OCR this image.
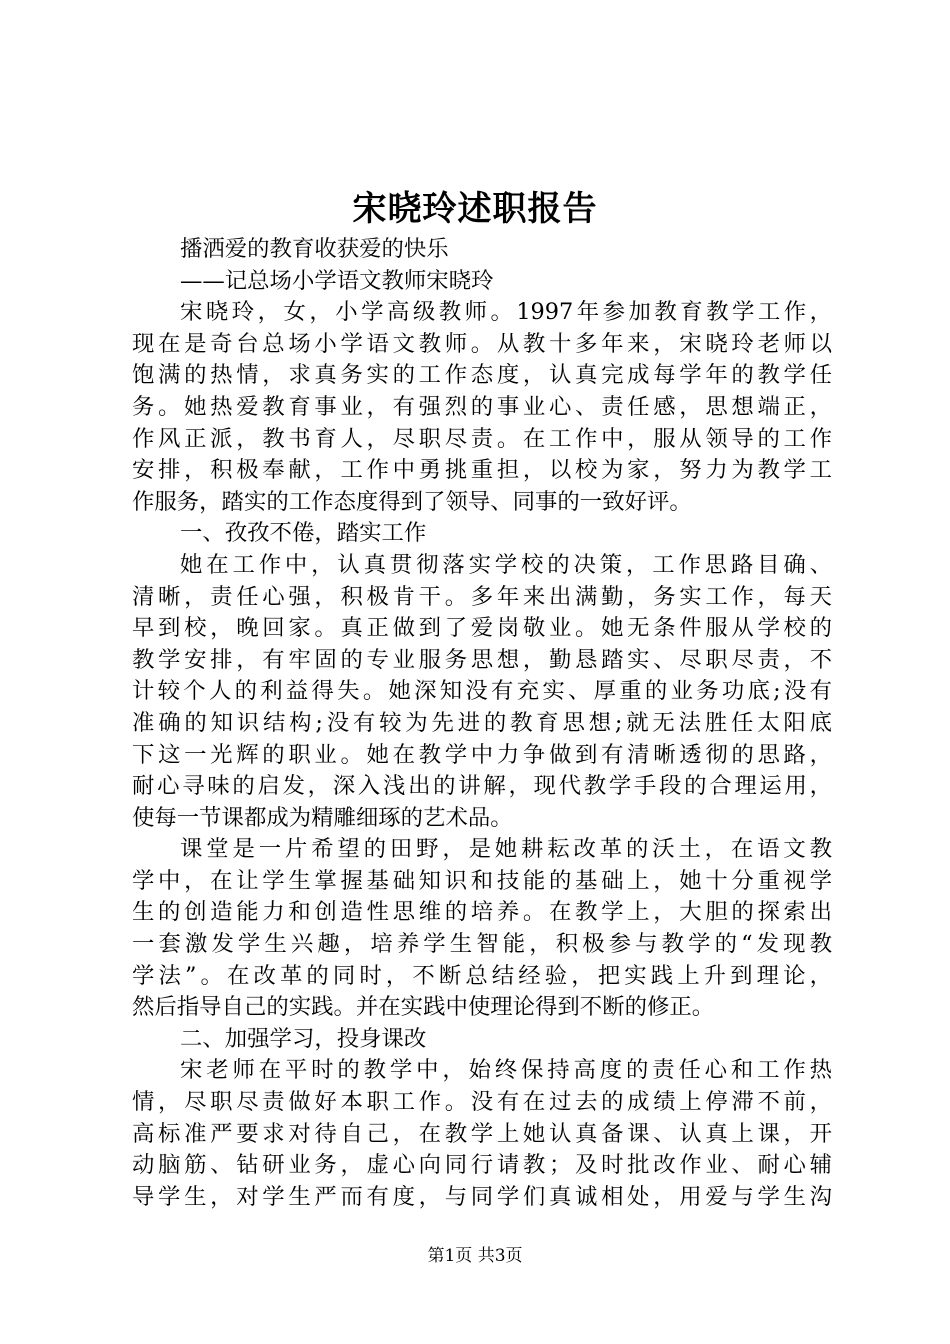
宋晓玲述职报告
播洒爱的教育收获爱的快乐
——记总场小学语文教师宋晓玲
宋晓玲，女，小学高级教师。1997年参加教育教学工作，
现在是奇台总场小学语文教师。从教十多年来，宋晓玲老师以
饱满的热情，求真务实的工作态度，认真完成每学年的教学任
务。她热爱教育事业，有强烈的事业心、责任感，思想端正，
作风正派，教书育人，尽职尽责。在工作中，服从领导的工作
安排，积极奉献，工作中勇挑重担，以校为家，努力为教学工
作服务，踏实的工作态度得到了领导、同事的一致好评。
一、孜孜不倦，踏实工作
她在工作中，认真贯彻落实学校的决策，工作思路目确、
清晰，责任心强，积极肯干。多年来出满勤，务实工作，每天
早到校，晚回家。真正做到了爱岗敬业。她无条件服从学校的
教学安排，有牢固的专业服务思想，勤恳踏实、尽职尽责，不
计较个人的利益得失。她深知没有充实、厚重的业务功底;没有
准确的知识结构;没有较为先进的教育思想;就无法胜任太阳底
下这一光辉的职业。她在教学中力争做到有清晰透彻的思路，
耐心寻味的启发，深入浅出的讲解，现代教学手段的合理运用，
使每一节课都成为精雕细琢的艺术品。
课堂是一片希望的田野，是她耕耘改革的沃土，在语文教
学中，在让学生掌握基础知识和技能的基础上，她十分重视学
生的创造能力和创造性思维的培养。在教学上，大胆的探索出
一套激发学生兴趣，培养学生智能，积极参与教学的“发现教
学法”。在改革的同时，不断总结经验，把实践上升到理论，
然后指导自己的实践。并在实践中使理论得到不断的修正。
二、加强学习，投身课改
宋老师在平时的教学中，始终保持高度的责任心和工作热
情，尽职尽责做好本职工作。没有在过去的成绩上停滞不前，
高标准严要求对待自己，在教学上她认真备课、认真上课，开
动脑筋、钻研业务，虚心向同行请教；及时批改作业、耐心辅
导学生，对学生严而有度，与同学们真诚相处，用爱与学生沟
第1页 共3页
